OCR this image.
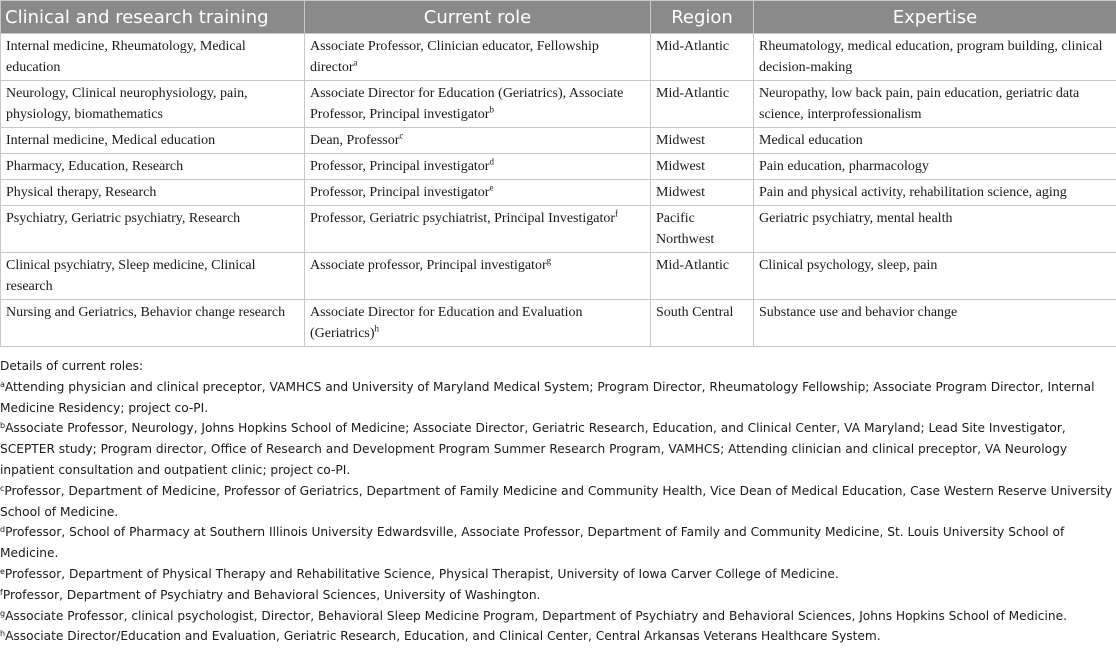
Clinical and research training	Current role	Region	Expertise
Internal medicine, Rheumatology, Medical education	Associate Professor, Clinician educator, Fellowship director$^a$	Mid-Atlantic	Rheumatology, medical education, program building, clinical decision-making
Neurology, Clinical neurophysiology, pain, physiology, biomathematics	Associate Director for Education (Geriatrics), Associate Professor, Principal investigator$^b$	Mid-Atlantic	Neuropathy, low back pain, pain education, geriatric data science, interprofessionalism
Internal medicine, Medical education	Dean, Professor$^c$	Midwest	Medical education
Pharmacy, Education, Research	Professor, Principal investigator$^d$	Midwest	Pain education, pharmacology
Physical therapy, Research	Professor, Principal investigator$^e$	Midwest	Pain and physical activity, rehabilitation science, aging
Psychiatry, Geriatric psychiatry, Research	Professor, Geriatric psychiatrist, Principal Investigator$^f$	Pacific Northwest	Geriatric psychiatry, mental health
Clinical psychiatry, Sleep medicine, Clinical research	Associate professor, Principal investigator$^g$	Mid-Atlantic	Clinical psychology, sleep, pain
Nursing and Geriatrics, Behavior change research	Associate Director for Education and Evaluation (Geriatrics)$^h$	South Central	Substance use and behavior change

Details of current roles:

$^a$Attending physician and clinical preceptor, VAMHCS and University of Maryland Medical System; Program Director, Rheumatology Fellowship; Associate Program Director, Internal Medicine Residency; project co-PI.

$^b$Associate Professor, Neurology, Johns Hopkins School of Medicine; Associate Director, Geriatric Research, Education, and Clinical Center, VA Maryland; Lead Site Investigator, SCEPTER study; Program director, Office of Research and Development Program Summer Research Program, VAMHCS; Attending clinician and clinical preceptor, VA Neurology inpatient consultation and outpatient clinic; project co-PI.

$^c$Professor, Department of Medicine, Professor of Geriatrics, Department of Family Medicine and Community Health, Vice Dean of Medical Education, Case Western Reserve University School of Medicine.

$^d$Professor, School of Pharmacy at Southern Illinois University Edwardsville, Associate Professor, Department of Family and Community Medicine, St. Louis University School of Medicine.

$^e$Professor, Department of Physical Therapy and Rehabilitative Science, Physical Therapist, University of Iowa Carver College of Medicine.

$^f$Professor, Department of Psychiatry and Behavioral Sciences, University of Washington.

$^g$Associate Professor, clinical psychologist, Director, Behavioral Sleep Medicine Program, Department of Psychiatry and Behavioral Sciences, Johns Hopkins School of Medicine.

$^h$Associate Director/Education and Evaluation, Geriatric Research, Education, and Clinical Center, Central Arkansas Veterans Healthcare System.
